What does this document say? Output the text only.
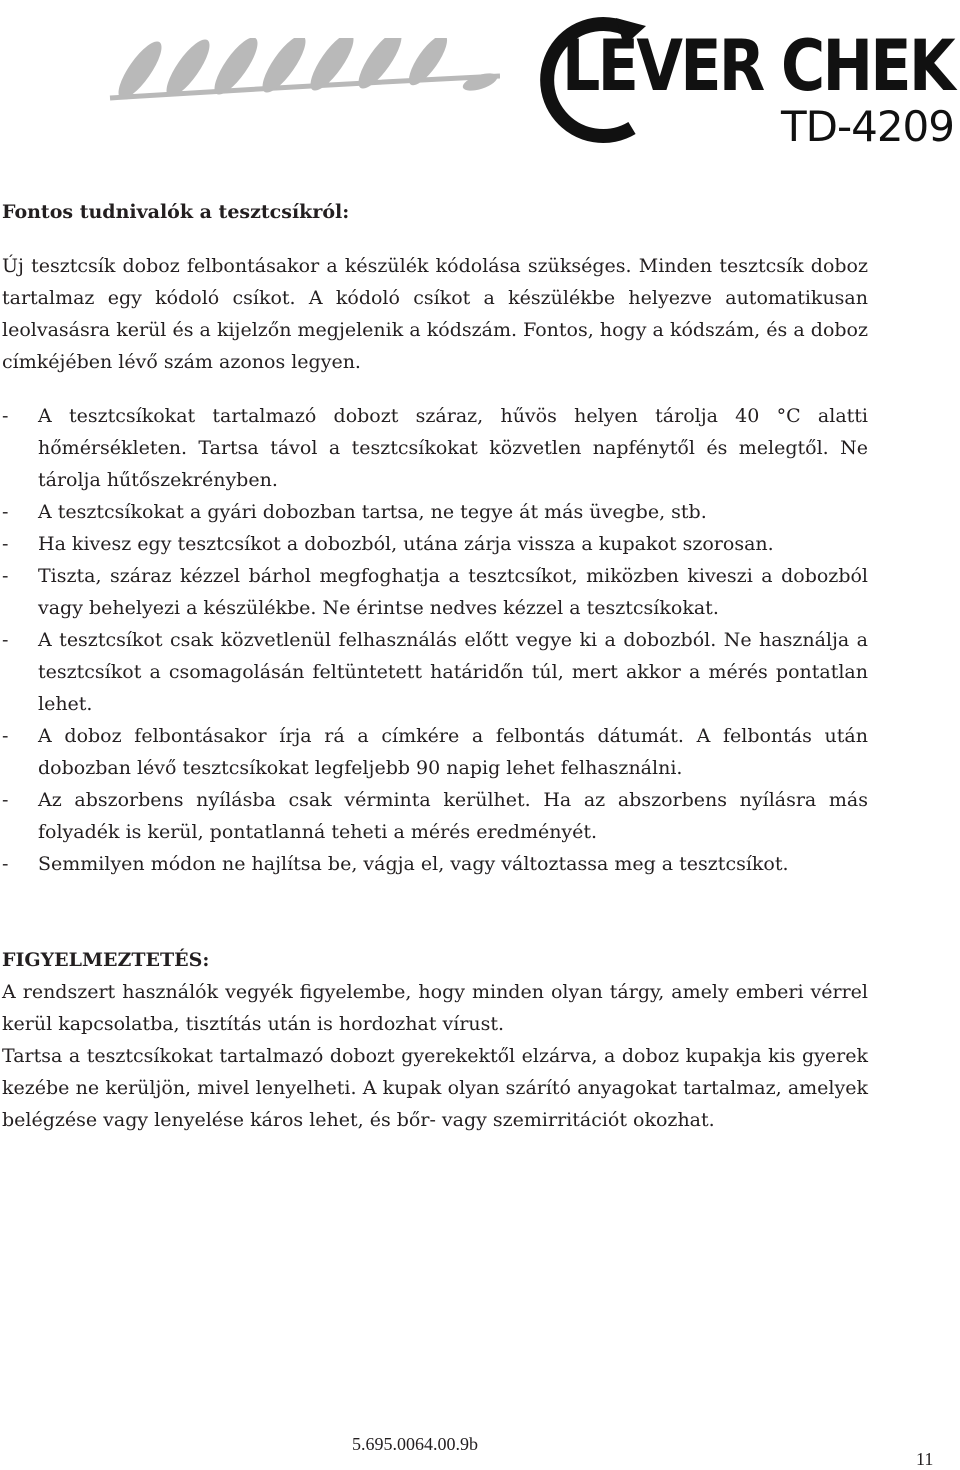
LEVER CHEK
TD-4209
Fontos tudnivalók a tesztcsíkról:
Új tesztcsík doboz felbontásakor a készülék kódolása szükséges. Minden tesztcsík doboz tartalmaz egy kódoló csíkot. A kódoló csíkot a készülékbe helyezve automatikusan leolvasásra kerül és a kijelzőn megjelenik a kódszám. Fontos, hogy a kódszám, és a doboz címkéjében lévő szám azonos legyen.
-	A tesztcsíkokat tartalmazó dobozt száraz, hűvös helyen tárolja 40 °C alatti hőmérsékleten. Tartsa távol a tesztcsíkokat közvetlen napfénytől és melegtől. Ne tárolja hűtőszekrényben.
-	A tesztcsíkokat a gyári dobozban tartsa, ne tegye át más üvegbe, stb.
-	Ha kivesz egy tesztcsíkot a dobozból, utána zárja vissza a kupakot szorosan.
-	Tiszta, száraz kézzel bárhol megfoghatja a tesztcsíkot, miközben kiveszi a dobozból vagy behelyezi a készülékbe. Ne érintse nedves kézzel a tesztcsíkokat.
-	A tesztcsíkot csak közvetlenül felhasználás előtt vegye ki a dobozból. Ne használja a tesztcsíkot a csomagolásán feltüntetett határidőn túl, mert akkor a mérés pontatlan lehet.
-	A doboz felbontásakor írja rá a címkére a felbontás dátumát. A felbontás után dobozban lévő tesztcsíkokat legfeljebb 90 napig lehet felhasználni.
-	Az abszorbens nyílásba csak vérminta kerülhet. Ha az abszorbens nyílásra más folyadék is kerül, pontatlanná teheti a mérés eredményét.
-	Semmilyen módon ne hajlítsa be, vágja el, vagy változtassa meg a tesztcsíkot.
FIGYELMEZTETÉS:
A rendszert használók vegyék figyelembe, hogy minden olyan tárgy, amely emberi vérrel kerül kapcsolatba, tisztítás után is hordozhat vírust.
Tartsa a tesztcsíkokat tartalmazó dobozt gyerekektől elzárva, a doboz kupakja kis gyerek kezébe ne kerüljön, mivel lenyelheti. A kupak olyan szárító anyagokat tartalmaz, amelyek belégzése vagy lenyelése káros lehet, és bőr- vagy szemirritációt okozhat.
5.695.0064.00.9b
11
